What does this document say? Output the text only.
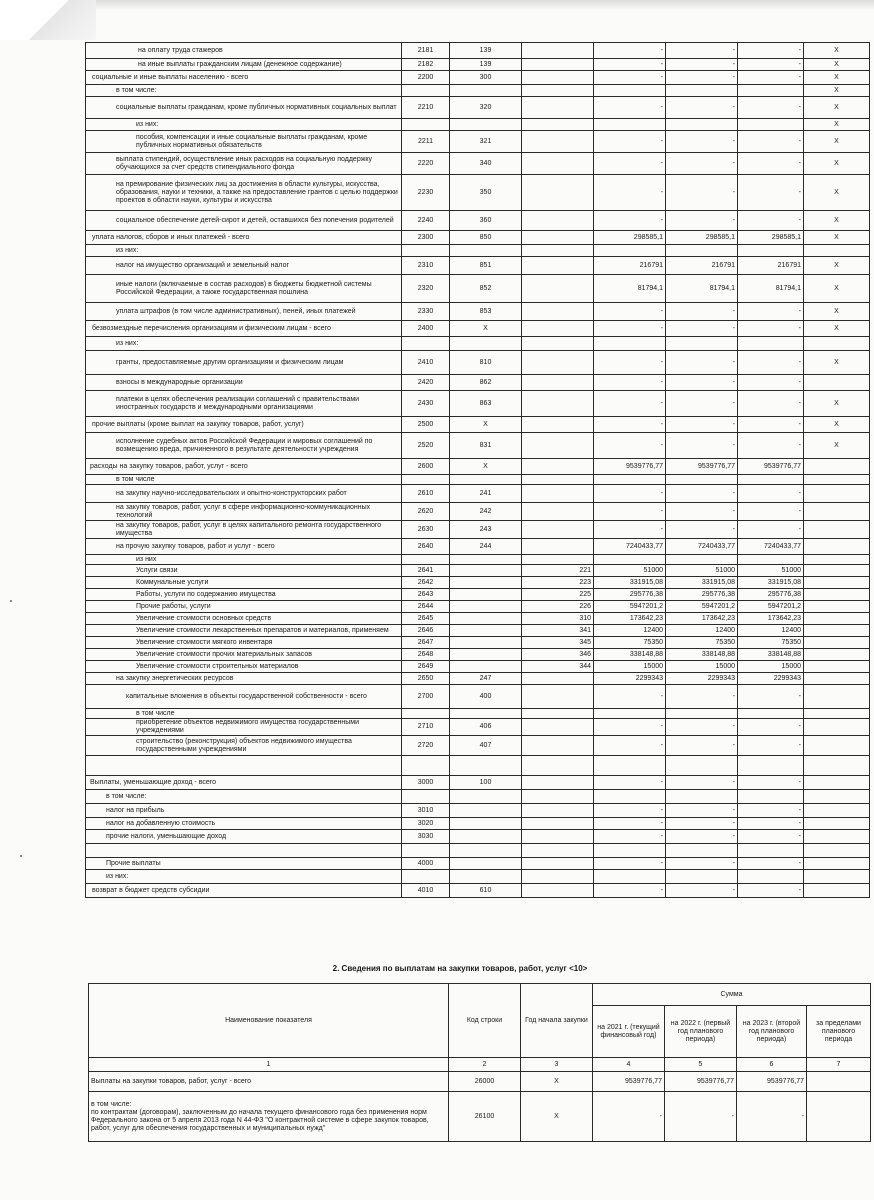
на оплату труда стажеров	2181	139		-	-	-	X
на иные выплаты гражданским лицам (денежное содержание)	2182	139		-	-	-	X
социальные и иные выплаты населению - всего	2200	300		-	-	-	X
в том числе:							X
социальные выплаты гражданам, кроме публичных нормативных социальных выплат	2210	320		-	-	-	X
из них:							X
пособия, компенсации и иные социальные выплаты гражданам, кроме публичных нормативных обязательств	2211	321		-	-	-	X
выплата стипендий, осуществление иных расходов на социальную поддержку обучающихся за счет средств стипендиального фонда	2220	340		-	-	-	X
на премирование физических лиц за достижения в области культуры, искусства, образования, науки и техники, а также на предоставление грантов с целью поддержки проектов в области науки, культуры и искусства	2230	350		-	-	-	X
социальное обеспечение детей-сирот и детей, оставшихся без попечения родителей	2240	360		-	-	-	X
уплата налогов, сборов и иных платежей - всего	2300	850		298585,1	298585,1	298585,1	X
из них:							
налог на имущество организаций и земельный налог	2310	851		216791	216791	216791	X
иные налоги (включаемые в состав расходов) в бюджеты бюджетной системы Российской Федерации, а также государственная пошлина	2320	852		81794,1	81794,1	81794,1	X
уплата штрафов (в том числе административных), пеней, иных платежей	2330	853		-	-	-	X
безвозмездные перечисления организациям и физическим лицам - всего	2400	X		-	-	-	X
из них:							
гранты, предоставляемые другим организациям и физическим лицам	2410	810		-	-	-	X
взносы в международные организации	2420	862		-	-	-	
платежи в целях обеспечения реализации соглашений с правительствами иностранных государств и международными организациями	2430	863		-	-	-	X
прочие выплаты (кроме выплат на закупку товаров, работ, услуг)	2500	X		-	-	-	X
исполнение судебных актов Российской Федерации и мировых соглашений по возмещению вреда, причиненного в результате деятельности учреждения	2520	831		-	-	-	X
расходы на закупку товаров, работ, услуг - всего	2600	X		9539776,77	9539776,77	9539776,77	
в том числе							
на закупку научно-исследовательских и опытно-конструкторских работ	2610	241		-	-	-	
на закупку товаров, работ, услуг в сфере информационно-коммуникационных технологий	2620	242		-	-	-	
на закупку товаров, работ, услуг в целях капитального ремонта государственного имущества	2630	243		-	-	-	
на прочую закупку товаров, работ и услуг - всего	2640	244		7240433,77	7240433,77	7240433,77	
из них							
Услуги связи	2641		221	51000	51000	51000	
Коммунальные услуги	2642		223	331915,08	331915,08	331915,08	
Работы, услуги по содержанию имущества	2643		225	295776,38	295776,38	295776,38	
Прочие работы, услуги	2644		226	5947201,2	5947201,2	5947201,2	
Увеличение стоимости основных средств	2645		310	173642,23	173642,23	173642,23	
Увеличение стоимости лекарственных препаратов и материалов, применяем	2646		341	12400	12400	12400	
Увеличение стоимости мягкого инвентаря	2647		345	75350	75350	75350	
Увеличение стоимости прочих материальных запасов	2648		346	338148,88	338148,88	338148,88	
Увеличение стоимости строительных материалов	2649		344	15000	15000	15000	
на закупку энергетических ресурсов	2650	247		2299343	2299343	2299343	
капитальные вложения в объекты государственной собственности - всего	2700	400		-	-	-	
в том числе							
приобретение объектов недвижимого имущества государственными учреждениями	2710	406		-	-	-	
строительство (реконструкция) объектов недвижимого имущества государственными учреждениями	2720	407		-	-	-	

Выплаты, уменьшающие доход - всего	3000	100		-	-	-	
в том числе:							
налог на прибыль	3010			-	-	-	
налог на добавленную стоимость	3020			-	-	-	
прочие налоги, уменьшающие доход	3030			-	-	-	

Прочие выплаты	4000			-	-	-	
из них:							
возврат в бюджет средств субсидии	4010	610		-	-	-	
2. Сведения по выплатам на закупки товаров, работ, услуг <10>
Наименование показателя	Код строки	Год начала закупки	Сумма			
			на 2021 г. (текущий финансовый год)	на 2022 г. (первый год планового периода)	на 2023 г. (второй год планового периода)	за пределами планового периода
1	2	3	4	5	6	7
Выплаты на закупки товаров, работ, услуг - всего	26000	X	9539776,77	9539776,77	9539776,77	
в том числе:
по контрактам (договорам), заключенным до начала текущего финансового года без применения норм Федерального закона от 5 апреля 2013 года N 44-ФЗ "О контрактной системе в сфере закупок товаров, работ, услуг для обеспечения государственных и муниципальных нужд"	26100	X	-	-	-	
